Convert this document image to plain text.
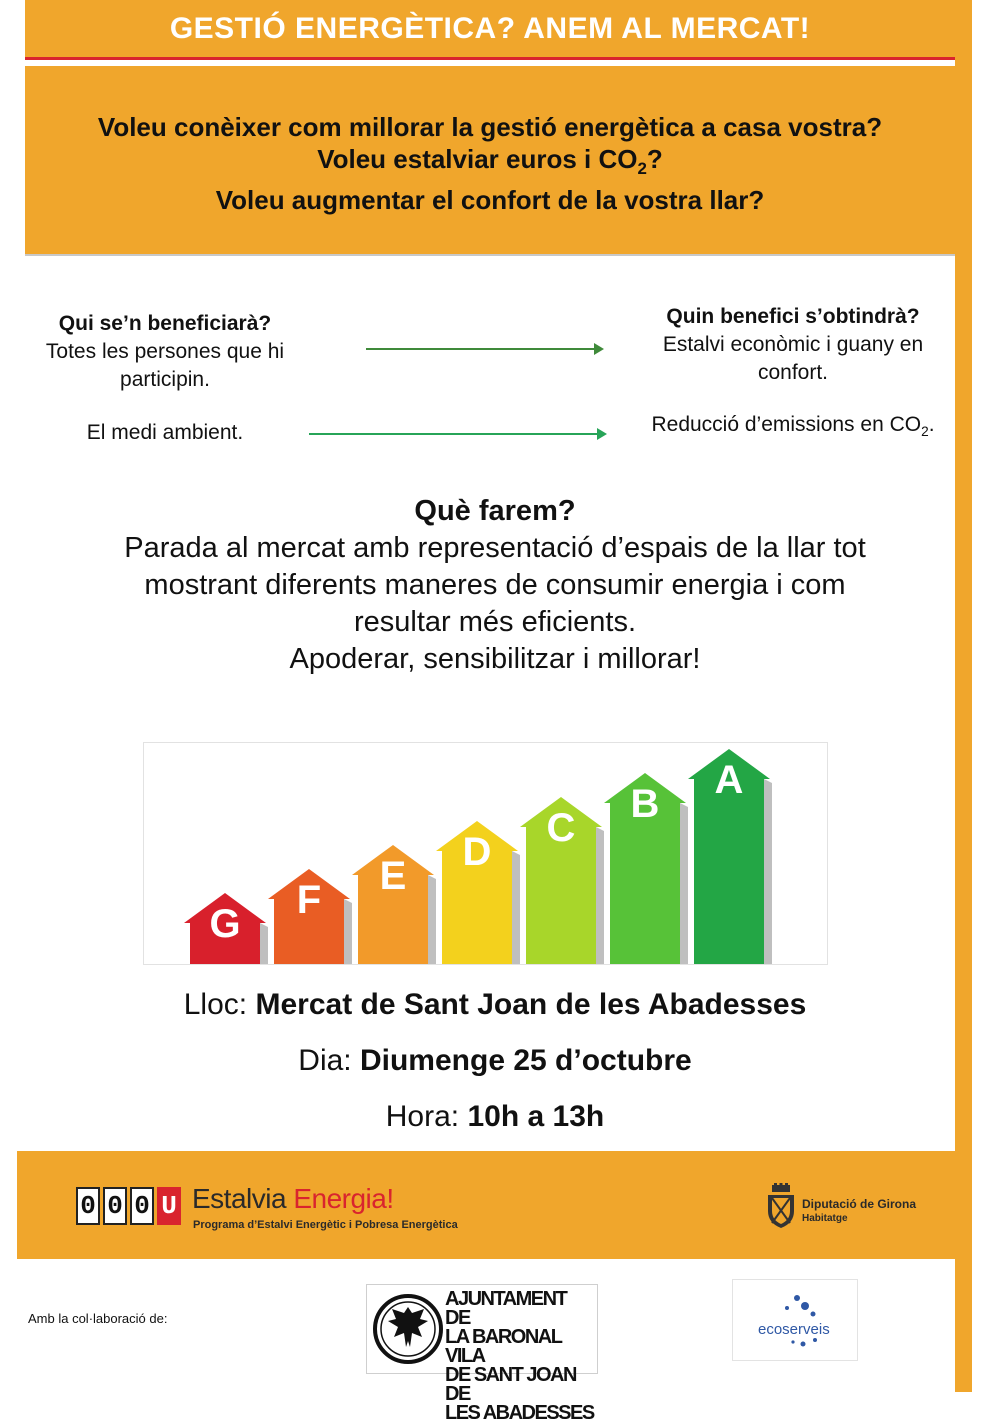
GESTIÓ ENERGÈTICA? ANEM AL MERCAT!
Voleu conèixer com millorar la gestió energètica a casa vostra?
Voleu estalviar euros i $CO_2$?
Voleu augmentar el confort de la vostra llar?
Qui se’n beneficiarà?
Totes les persones que hi participin.
Quin benefici s’obtindrà?
Estalvi econòmic i guany en confort.
El medi ambient.	Reducció d’emissions en $CO_2$.
Què farem?
Parada al mercat amb representació d’espais de la llar tot
mostrant diferents maneres de consumir energia i com
resultar més eficients.
Apoderar, sensibilitzar i millorar!
G
F
E
D
C
B
A
Lloc: Mercat de Sant Joan de les Abadesses
Dia: Diumenge 25 d’octubre
Hora: 10h a 13h
0 0 0 U Estalvia Energia!
Programa d’Estalvi Energètic i Pobresa Energètica
Diputació de Girona
Habitatge
Amb la col·laboració de:
AJUNTAMENT DE
LA BARONAL VILA
DE SANT JOAN DE
LES ABADESSES
ecoserveis
